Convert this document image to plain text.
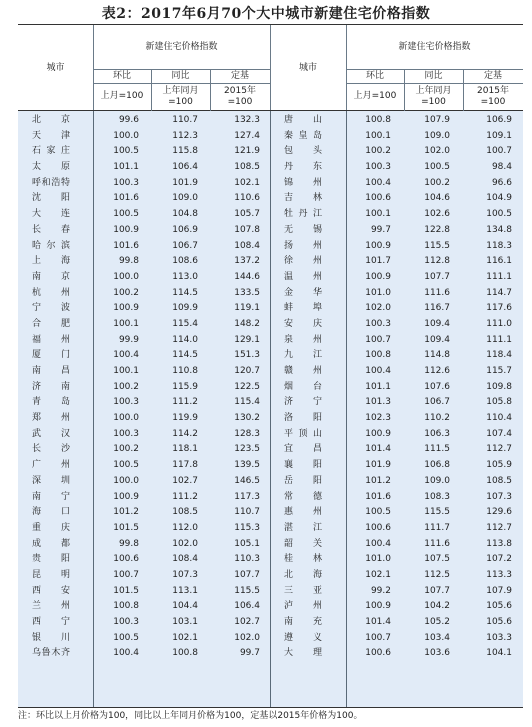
表2：2017年6月70个大中城市新建住宅价格指数
城市
新建住宅价格指数
环比	同比	定基
上月=100
上年同月=100
2015年=100
城市
新建住宅价格指数
环比	同比	定基
上月=100
上年同月=100
2015年=100
北京	99.6	110.7	132.3
天津	100.0	112.3	127.4
石家庄	100.5	115.8	121.9
太原	101.1	106.4	108.5
呼和浩特	100.3	101.9	102.1
沈阳	101.6	109.0	110.6
大连	100.5	104.8	105.7
长春	100.9	106.9	107.8
哈尔滨	101.6	106.7	108.4
上海	99.8	108.6	137.2
南京	100.0	113.0	144.6
杭州	100.2	114.5	133.5
宁波	100.9	109.9	119.1
合肥	100.1	115.4	148.2
福州	99.9	114.0	129.1
厦门	100.4	114.5	151.3
南昌	100.1	110.8	120.7
济南	100.2	115.9	122.5
青岛	100.3	111.2	115.4
郑州	100.0	119.9	130.2
武汉	100.3	114.2	128.3
长沙	100.2	118.1	123.5
广州	100.5	117.8	139.5
深圳	100.0	102.7	146.5
南宁	100.9	111.2	117.3
海口	101.2	108.5	110.7
重庆	101.5	112.0	115.3
成都	99.8	102.0	105.1
贵阳	100.6	108.4	110.3
昆明	100.7	107.3	107.7
西安	101.5	113.1	115.5
兰州	100.8	104.4	106.4
西宁	100.3	103.1	102.7
银川	100.5	102.1	102.0
乌鲁木齐	100.4	100.8	99.7
唐山	100.8	107.9	106.9
秦皇岛	100.1	109.0	109.1
包头	100.2	102.0	100.7
丹东	100.3	100.5	98.4
锦州	100.4	100.2	96.6
吉林	100.6	104.6	104.9
牡丹江	100.1	102.6	100.5
无锡	99.7	122.8	134.8
扬州	100.9	115.5	118.3
徐州	101.7	112.8	116.1
温州	100.9	107.7	111.1
金华	101.0	111.6	114.7
蚌埠	102.0	116.7	117.6
安庆	100.3	109.4	111.0
泉州	100.7	109.4	111.1
九江	100.8	114.8	118.4
赣州	100.4	112.6	115.7
烟台	101.1	107.6	109.8
济宁	101.3	106.7	105.8
洛阳	102.3	110.2	110.4
平顶山	100.9	106.3	107.4
宜昌	101.4	111.5	112.7
襄阳	101.9	106.8	105.9
岳阳	101.2	109.0	108.5
常德	101.6	108.3	107.3
惠州	100.5	115.5	129.6
湛江	100.6	111.7	112.7
韶关	100.4	111.6	113.8
桂林	101.0	107.5	107.2
北海	102.1	112.5	113.3
三亚	99.2	107.7	107.9
泸州	100.9	104.2	105.6
南充	101.4	105.2	105.6
遵义	100.7	103.4	103.3
大理	100.6	103.6	104.1
注：环比以上月价格为100，同比以上年同月价格为100，定基以2015年价格为100。
